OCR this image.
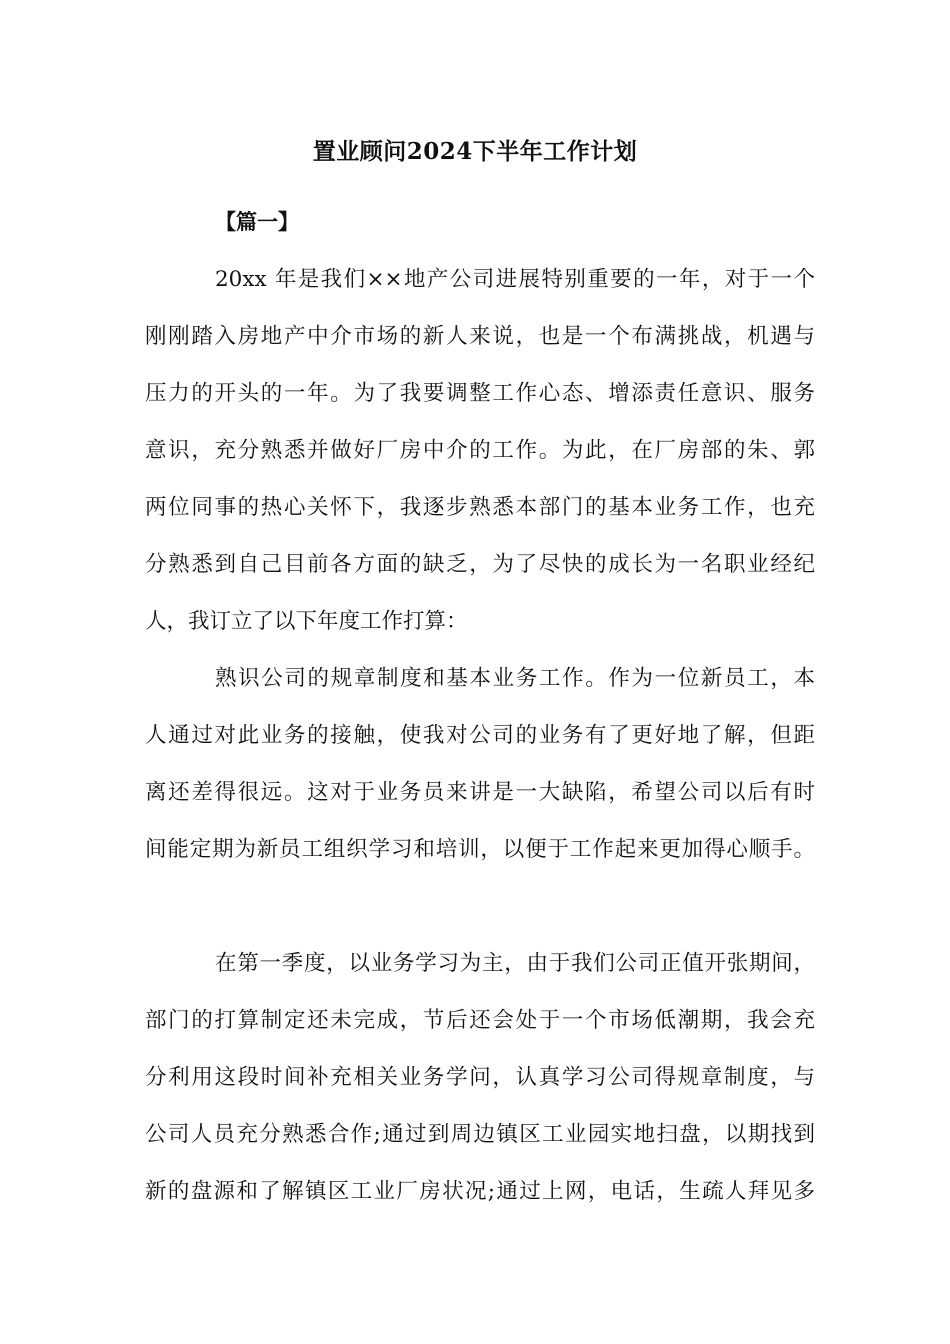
置业顾问2024下半年工作计划
【篇一】
20xx 年是我们××地产公司进展特别重要的一年，对于一个
刚刚踏入房地产中介市场的新人来说，也是一个布满挑战，机遇与
压力的开头的一年。为了我要调整工作心态、增添责任意识、服务
意识，充分熟悉并做好厂房中介的工作。为此，在厂房部的朱、郭
两位同事的热心关怀下，我逐步熟悉本部门的基本业务工作，也充
分熟悉到自己目前各方面的缺乏，为了尽快的成长为一名职业经纪
人，我订立了以下年度工作打算：
熟识公司的规章制度和基本业务工作。作为一位新员工，本
人通过对此业务的接触，使我对公司的业务有了更好地了解，但距
离还差得很远。这对于业务员来讲是一大缺陷，希望公司以后有时
间能定期为新员工组织学习和培训，以便于工作起来更加得心顺手。
在第一季度，以业务学习为主，由于我们公司正值开张期间，
部门的打算制定还未完成，节后还会处于一个市场低潮期，我会充
分利用这段时间补充相关业务学问，认真学习公司得规章制度，与
公司人员充分熟悉合作;通过到周边镇区工业园实地扫盘，以期找到
新的盘源和了解镇区工业厂房状况;通过上网，电话，生疏人拜见多
